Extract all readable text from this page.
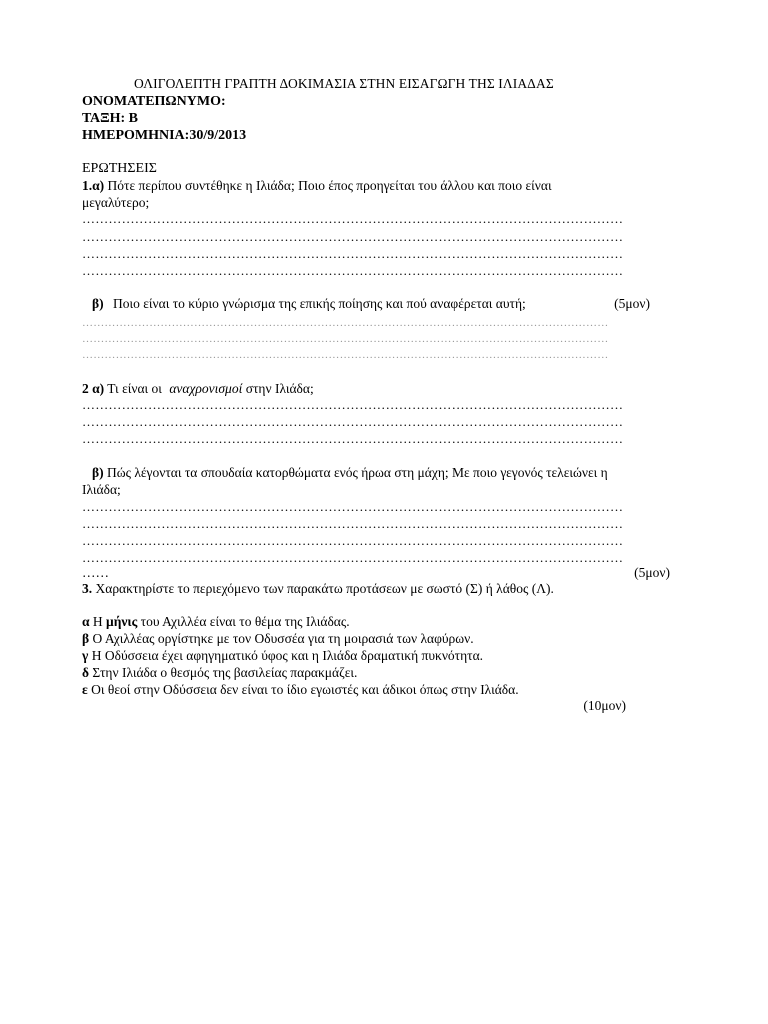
ΟΛΙΓΟΛΕΠΤΗ ΓΡΑΠΤΗ ΔΟΚΙΜΑΣΙΑ ΣΤΗΝ ΕΙΣΑΓΩΓΗ ΤΗΣ ΙΛΙΑΔΑΣ
ΟΝΟΜΑΤΕΠΩΝΥΜΟ:
ΤΑΞΗ: Β
ΗΜΕΡΟΜΗΝΙΑ:30/9/2013
ΕΡΩΤΗΣΕΙΣ
1.α) Πότε περίπου συντέθηκε η Ιλιάδα; Ποιο έπος προηγείται του άλλου και ποιο είναι
μεγαλύτερο;
……………………………………………………………………………………………………………
……………………………………………………………………………………………………………
……………………………………………………………………………………………………………
……………………………………………………………………………………………………………
β) Ποιο είναι το κύριο γνώρισμα της επικής ποίησης και πού αναφέρεται αυτή;	(5μον)
……………………………………………………………………………………………………………………………
……………………………………………………………………………………………………………………………
……………………………………………………………………………………………………………………………
2 α) Τι είναι οι αναχρονισμοί στην Ιλιάδα;
……………………………………………………………………………………………………………
……………………………………………………………………………………………………………
……………………………………………………………………………………………………………
β) Πώς λέγονται τα σπουδαία κατορθώματα ενός ήρωα στη μάχη; Με ποιο γεγονός τελειώνει η
Ιλιάδα;
……………………………………………………………………………………………………………
……………………………………………………………………………………………………………
……………………………………………………………………………………………………………
……………………………………………………………………………………………………………
……	(5μον)
3. Χαρακτηρίστε το περιεχόμενο των παρακάτω προτάσεων με σωστό (Σ) ή λάθος (Λ).
α Η μήνις του Αχιλλέα είναι το θέμα της Ιλιάδας.
β Ο Αχιλλέας οργίστηκε με τον Οδυσσέα για τη μοιρασιά των λαφύρων.
γ Η Οδύσσεια έχει αφηγηματικό ύφος και η Ιλιάδα δραματική πυκνότητα.
δ Στην Ιλιάδα ο θεσμός της βασιλείας παρακμάζει.
ε Οι θεοί στην Οδύσσεια δεν είναι το ίδιο εγωιστές και άδικοι όπως στην Ιλιάδα.
(10μον)
